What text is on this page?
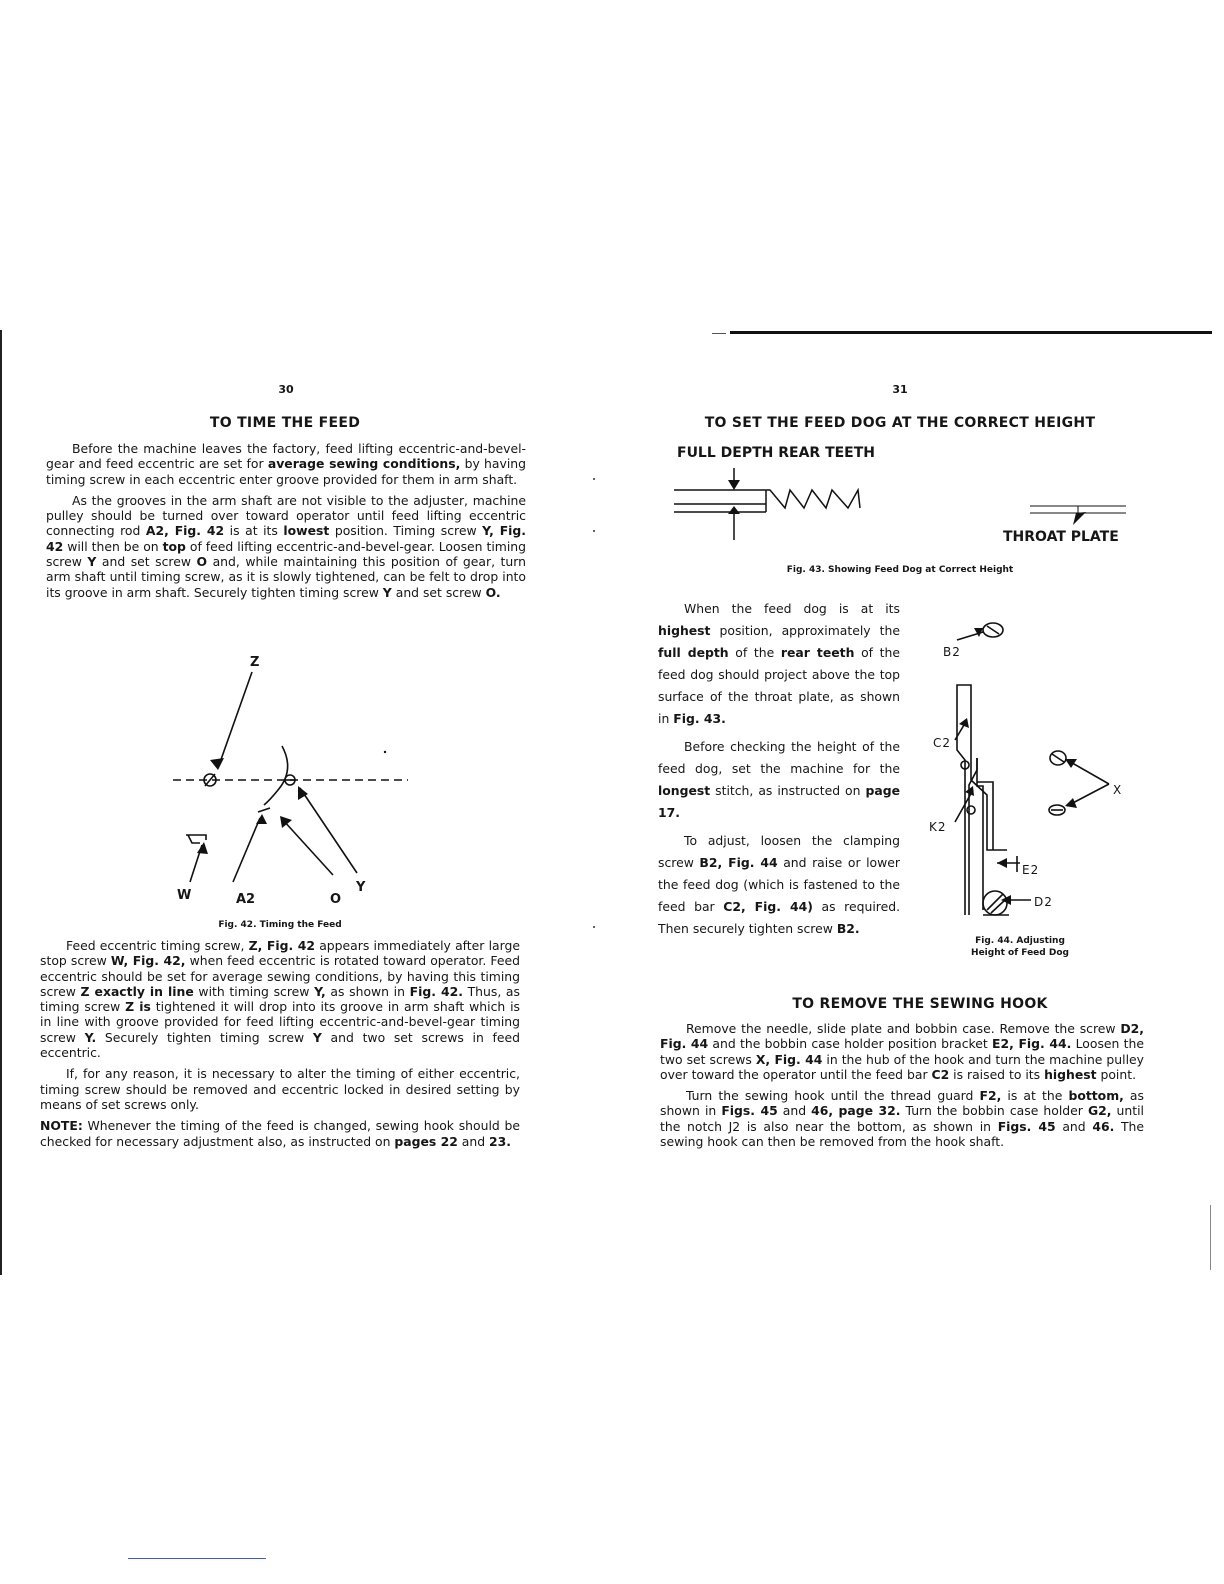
30
TO TIME THE FEED

Before the machine leaves the factory, feed lifting eccentric-and-bevel-gear and feed eccentric are set for average sewing conditions, by having timing screw in each eccentric enter groove provided for them in arm shaft.

As the grooves in the arm shaft are not visible to the adjuster, machine pulley should be turned over toward operator until feed lifting eccentric connecting rod A2, Fig. 42 is at its lowest position. Timing screw Y, Fig. 42 will then be on top of feed lifting eccentric-and-bevel-gear. Loosen timing screw Y and set screw O and, while maintaining this position of gear, turn arm shaft until timing screw, as it is slowly tightened, can be felt to drop into its groove in arm shaft. Securely tighten timing screw Y and set screw O.

Z
W	A2	O
Y
Fig. 42. Timing the Feed

Feed eccentric timing screw, Z, Fig. 42 appears immediately after large stop screw W, Fig. 42, when feed eccentric is rotated toward operator. Feed eccentric should be set for average sewing conditions, by having this timing screw Z exactly in line with timing screw Y, as shown in Fig. 42. Thus, as timing screw Z is tightened it will drop into its groove in arm shaft which is in line with groove provided for feed lifting eccentric-and-bevel-gear timing screw Y. Securely tighten timing screw Y and two set screws in feed eccentric.

If, for any reason, it is necessary to alter the timing of either eccentric, timing screw should be removed and eccentric locked in desired setting by means of set screws only.

NOTE: Whenever the timing of the feed is changed, sewing hook should be checked for necessary adjustment also, as instructed on pages 22 and 23.

31
TO SET THE FEED DOG AT THE CORRECT HEIGHT
FULL DEPTH REAR TEETH
THROAT PLATE
Fig. 43. Showing Feed Dog at Correct Height

When the feed dog is at its highest position, approximately the full depth of the rear teeth of the feed dog should project above the top surface of the throat plate, as shown in Fig. 43.

Before checking the height of the feed dog, set the machine for the longest stitch, as instructed on page 17.

To adjust, loosen the clamping screw B2, Fig. 44 and raise or lower the feed dog (which is fastened to the feed bar C2, Fig. 44) as required. Then securely tighten screw B2.

B2
C2
K2
X
E2
D2
Fig. 44. Adjusting
Height of Feed Dog
TO REMOVE THE SEWING HOOK

Remove the needle, slide plate and bobbin case. Remove the screw D2, Fig. 44 and the bobbin case holder position bracket E2, Fig. 44. Loosen the two set screws X, Fig. 44 in the hub of the hook and turn the machine pulley over toward the operator until the feed bar C2 is raised to its highest point.

Turn the sewing hook until the thread guard F2, is at the bottom, as shown in Figs. 45 and 46, page 32. Turn the bobbin case holder G2, until the notch J2 is also near the bottom, as shown in Figs. 45 and 46. The sewing hook can then be removed from the hook shaft.
